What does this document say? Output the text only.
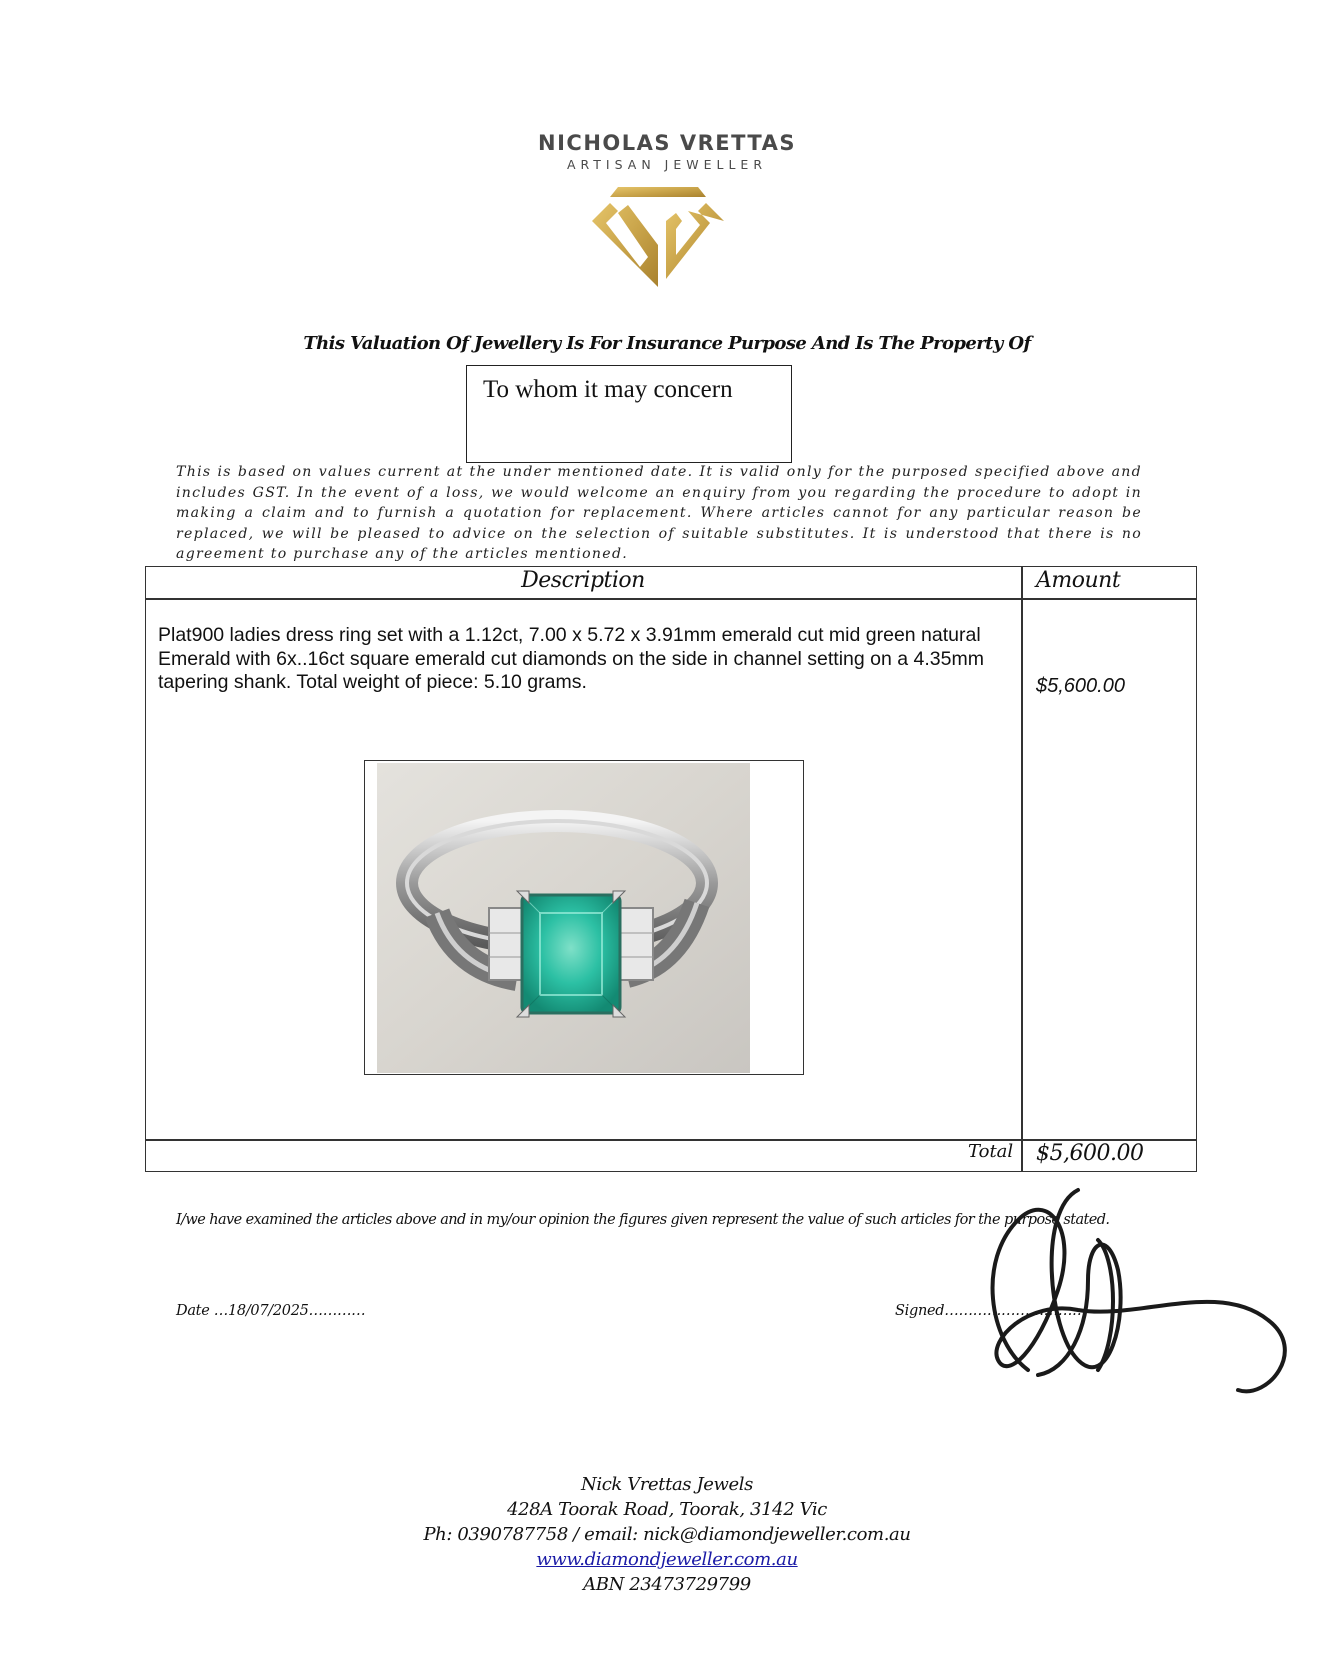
NICHOLAS VRETTAS
ARTISAN JEWELLER
This Valuation Of Jewellery Is For Insurance Purpose And Is The Property Of
To whom it may concern
This is based on values current at the under mentioned date. It is valid only for the purposed specified above and includes GST. In the event of a loss, we would welcome an enquiry from you regarding the procedure to adopt in making a claim and to furnish a quotation for replacement. Where articles cannot for any particular reason be replaced, we will be pleased to advice on the selection of suitable substitutes. It is understood that there is no agreement to purchase any of the articles mentioned.
Description	Amount
Plat900 ladies dress ring set with a 1.12ct, 7.00 x 5.72 x 3.91mm emerald cut mid green natural Emerald with 6x..16ct square emerald cut diamonds on the side in channel setting on a 4.35mm tapering shank. Total weight of piece: 5.10 grams.	$5,600.00
Total $5,600.00
I/we have examined the articles above and in my/our opinion the figures given represent the value of such articles for the purpose stated.
Date …18/07/2025…………	Signed…………………………
Nick Vrettas Jewels
428A Toorak Road, Toorak, 3142 Vic
Ph: 0390787758 / email: nick@diamondjeweller.com.au
www.diamondjeweller.com.au
ABN 23473729799
